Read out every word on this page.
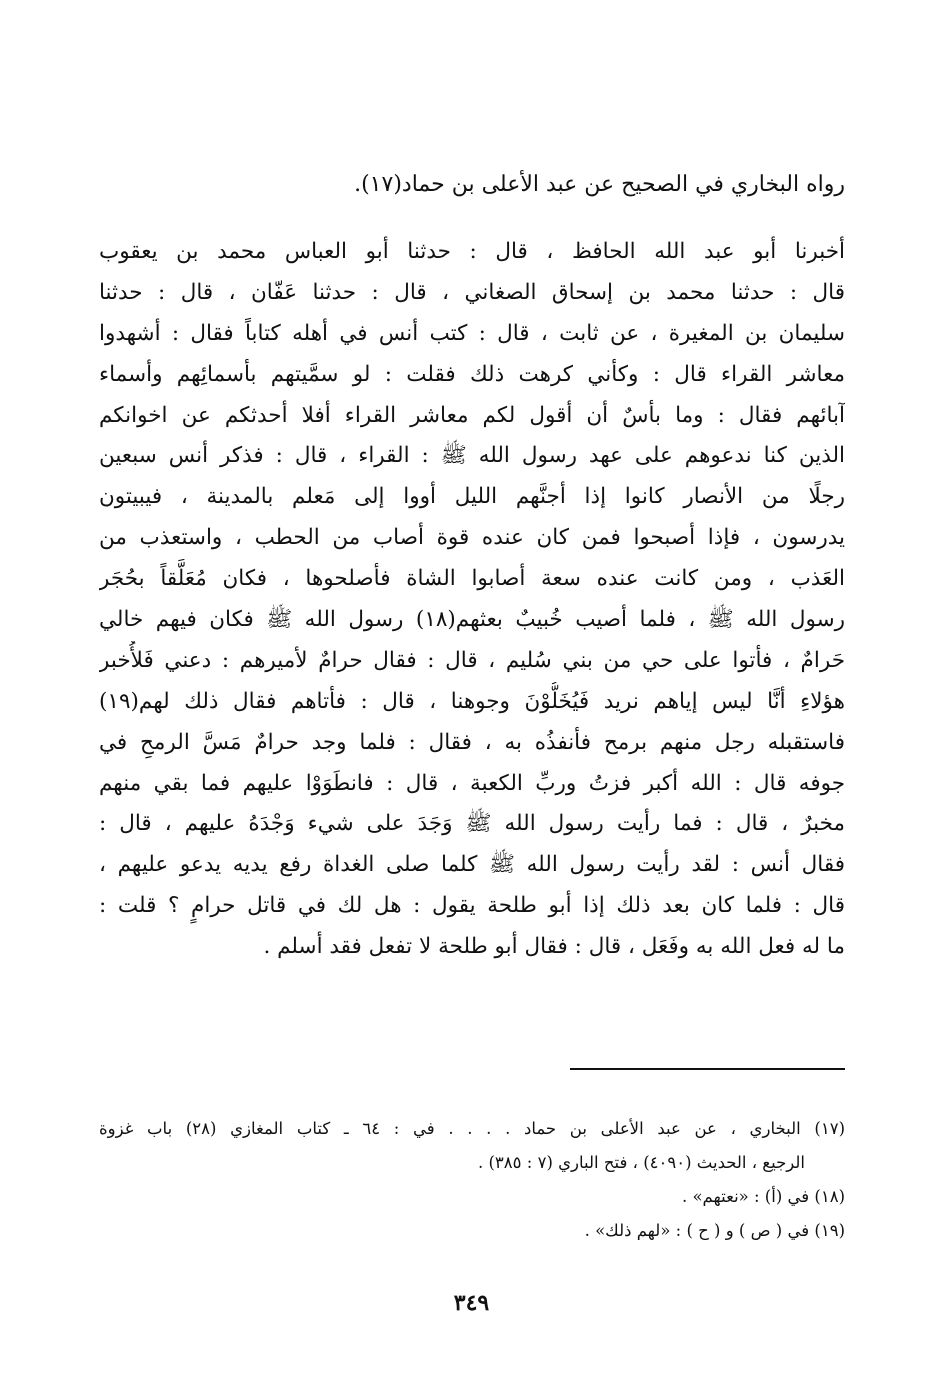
رواه البخاري في الصحيح عن عبد الأعلى بن حماد(١٧).
أخبرنا أبو عبد الله الحافظ ، قال : حدثنا أبو العباس محمد بن يعقوب
قال : حدثنا محمد بن إسحاق الصغاني ، قال : حدثنا عَفّان ، قال : حدثنا
سليمان بن المغيرة ، عن ثابت ، قال : كتب أنس في أهله كتاباً فقال : أشهدوا
معاشر القراء قال : وكأني كرهت ذلك فقلت : لو سمَّيتهم بأسمائِهم وأسماء
آبائهم فقال : وما بأسٌ أن أقول لكم معاشر القراء أفلا أحدثكم عن اخوانكم
الذين كنا ندعوهم على عهد رسول الله ﷺ : القراء ، قال : فذكر أنس سبعين
رجلًا من الأنصار كانوا إذا أجنَّهم الليل أووا إلى مَعلم بالمدينة ، فيبيتون
يدرسون ، فإذا أصبحوا فمن كان عنده قوة أصاب من الحطب ، واستعذب من
العَذب ، ومن كانت عنده سعة أصابوا الشاة فأصلحوها ، فكان مُعَلَّقاً بحُجَر
رسول الله ﷺ ، فلما أصيب خُبيبٌ بعثهم(١٨) رسول الله ﷺ فكان فيهم خالي
حَرامٌ ، فأتوا على حي من بني سُليم ، قال : فقال حرامٌ لأميرهم : دعني فَلأُخبر
هؤلاءِ أنَّا ليس إياهم نريد فَيُخَلُّوْنَ وجوهنا ، قال : فأتاهم فقال ذلك لهم(١٩)
فاستقبله رجل منهم برمح فأنفذُه به ، فقال : فلما وجد حرامٌ مَسَّ الرمحِ في
جوفه قال : الله أكبر فزتُ وربِّ الكعبة ، قال : فانطَوَوْا عليهم فما بقي منهم
مخبرٌ ، قال : فما رأيت رسول الله ﷺ وَجَدَ على شيء وَجْدَهُ عليهم ، قال :
فقال أنس : لقد رأيت رسول الله ﷺ كلما صلى الغداة رفع يديه يدعو عليهم ،
قال : فلما كان بعد ذلك إذا أبو طلحة يقول : هل لك في قاتل حرامٍ ؟ قلت :
ما له فعل الله به وفَعَل ، قال : فقال أبو طلحة لا تفعل فقد أسلم .
(١٧) البخاري ، عن عبد الأعلى بن حماد . . . . في : ٦٤ ـ كتاب المغازي (٢٨) باب غزوة
الرجيع ، الحديث (٤٠٩٠) ، فتح الباري (٧ : ٣٨٥) .
(١٨) في (أ) : «نعتهم» .
(١٩) في ( ص ) و ( ح ) : «لهم ذلك» .
٣٤٩
